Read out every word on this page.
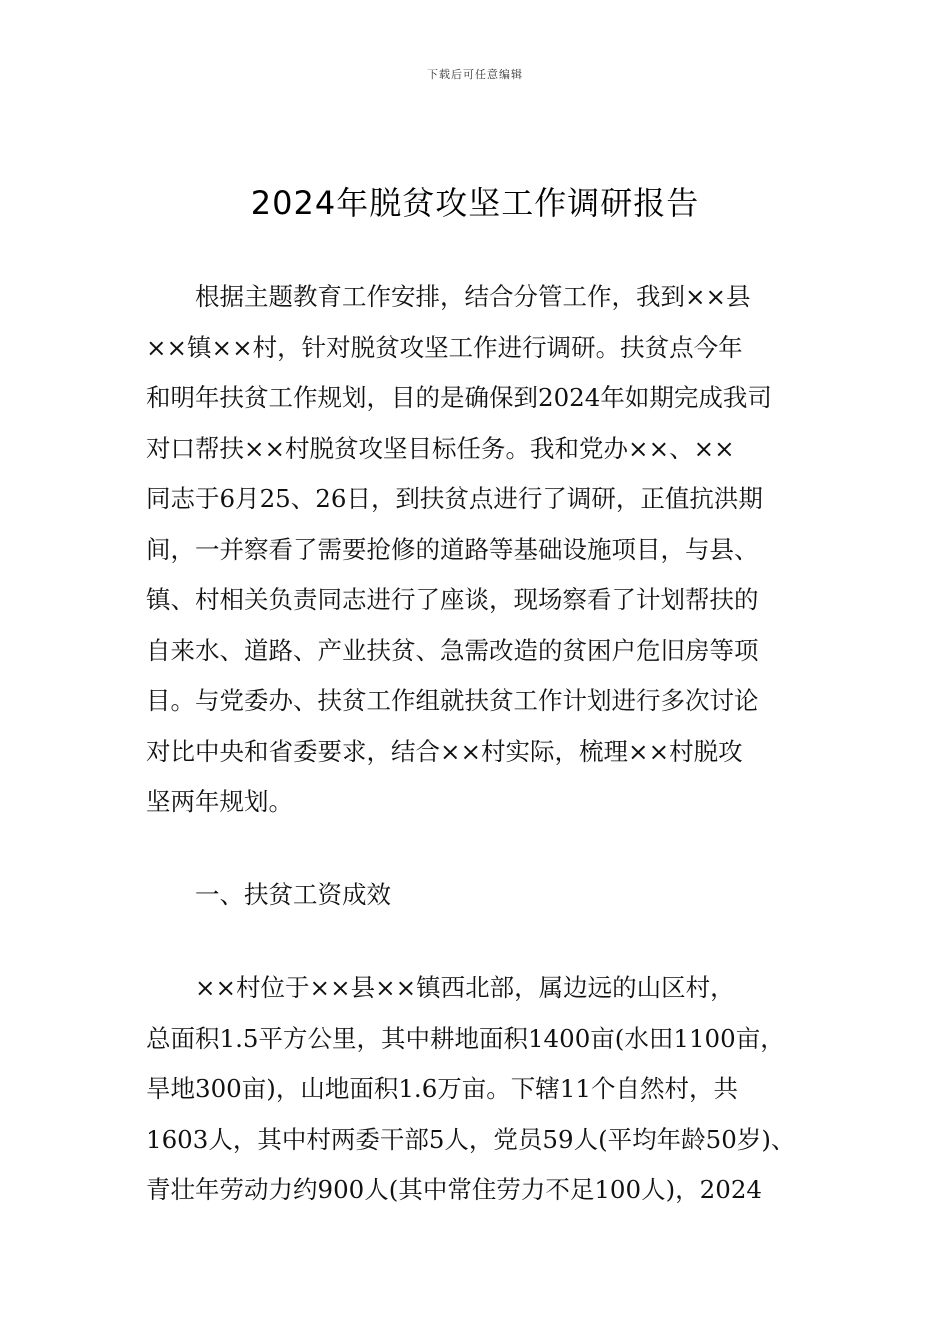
下载后可任意编辑
2024年脱贫攻坚工作调研报告
根据主题教育工作安排，结合分管工作，我到××县
××镇××村，针对脱贫攻坚工作进行调研。扶贫点今年
和明年扶贫工作规划，目的是确保到2024年如期完成我司
对口帮扶××村脱贫攻坚目标任务。我和党办××、××
同志于6月25、26日，到扶贫点进行了调研，正值抗洪期
间，一并察看了需要抢修的道路等基础设施项目，与县、
镇、村相关负责同志进行了座谈，现场察看了计划帮扶的
自来水、道路、产业扶贫、急需改造的贫困户危旧房等项
目。与党委办、扶贫工作组就扶贫工作计划进行多次讨论
对比中央和省委要求，结合××村实际，梳理××村脱攻
坚两年规划。
一、扶贫工资成效
××村位于××县××镇西北部，属边远的山区村，
总面积1.5平方公里，其中耕地面积1400亩(水田1100亩，
旱地300亩)，山地面积1.6万亩。下辖11个自然村，共
1603人，其中村两委干部5人，党员59人(平均年龄50岁)、
青壮年劳动力约900人(其中常住劳力不足100人)，2024
